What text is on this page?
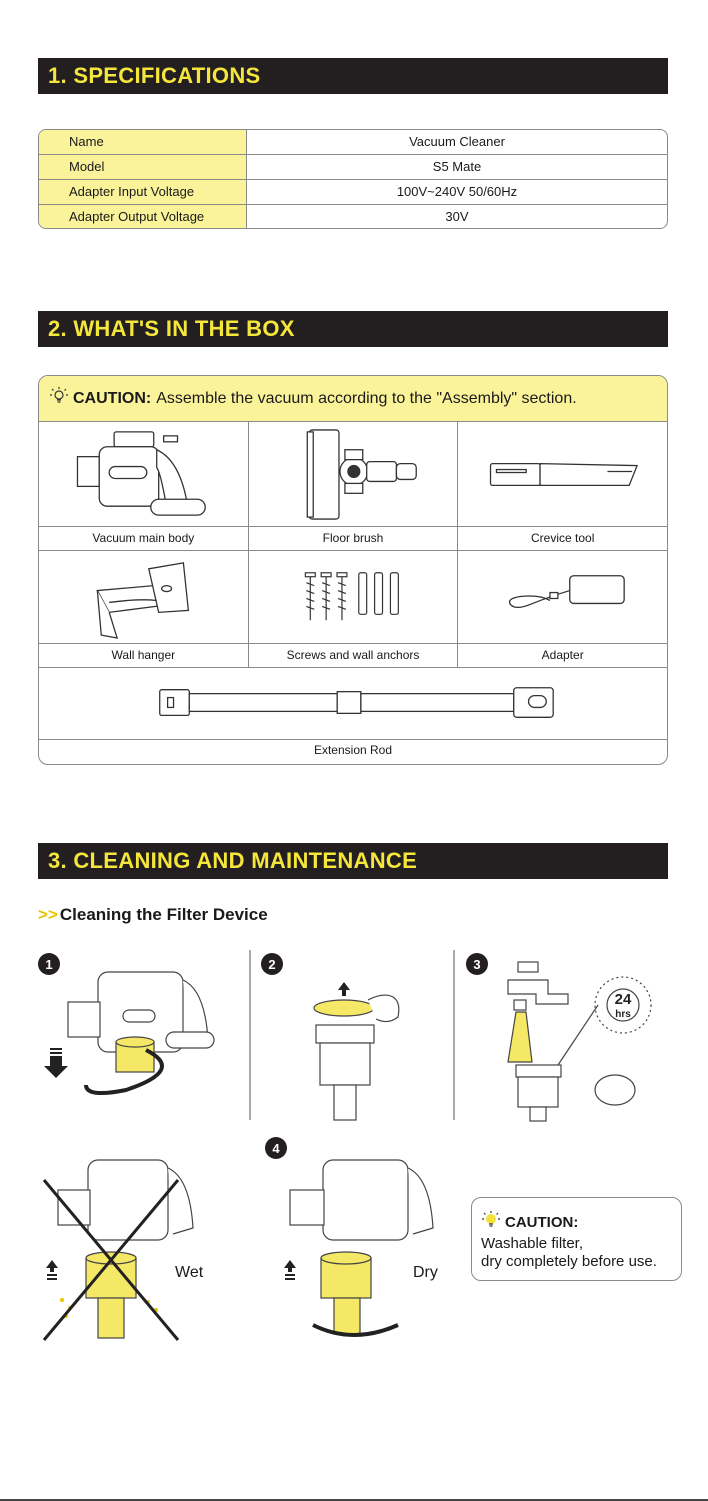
1. SPECIFICATIONS
Name	Vacuum Cleaner
Model	S5 Mate
Adapter Input Voltage	100V~240V 50/60Hz
Adapter Output Voltage	30V
2. WHAT'S IN THE BOX
CAUTION: Assemble the vacuum according to the "Assembly" section.
Vacuum main body	Floor brush	Crevice tool
Wall hanger	Screws and wall anchors	Adapter
Extension Rod
3. CLEANING AND MAINTENANCE
>> Cleaning the Filter Device
24
hrs
1	2	3
4
Wet	Dry
CAUTION:
Washable filter,
dry completely before use.
